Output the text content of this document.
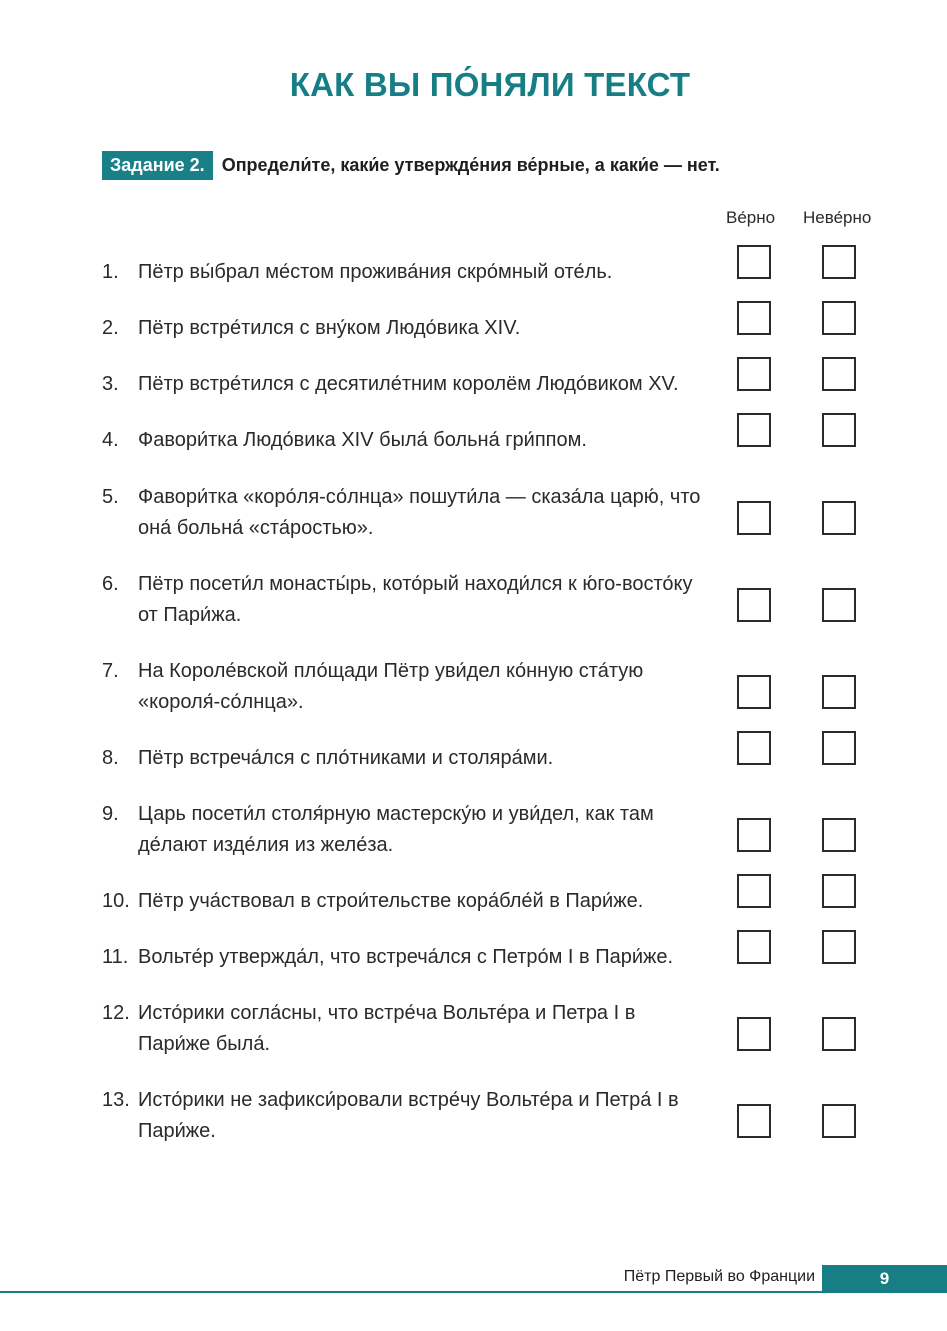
КАК ВЫ ПО́НЯЛИ ТЕКСТ
Задание 2. Определи́те, каки́е утвержде́ния ве́рные, а каки́е — нет.
Ве́рно Неве́рно
1. Пётр вы́брал ме́стом прожива́ния скро́мный оте́ль.
2. Пётр встре́тился с вну́ком Людо́вика XIV.
3. Пётр встре́тился с десятиле́тним королём Людо́виком XV.
4. Фавори́тка Людо́вика XIV была́ больна́ гри́ппом.
5. Фавори́тка «коро́ля-со́лнца» пошути́ла — сказа́ла царю́, что она́ больна́ «ста́ростью».
6. Пётр посети́л монасты́рь, кото́рый находи́лся к ю́го-восто́ку от Пари́жа.
7. На Короле́вской пло́щади Пётр уви́дел ко́нную ста́тую «короля́-со́лнца».
8. Пётр встреча́лся с пло́тниками и столяра́ми.
9. Царь посети́л столя́рную мастерску́ю и уви́дел, как там де́лают изде́лия из желе́за.
10. Пётр уча́ствовал в строи́тельстве кора́бле́й в Пари́же.
11. Вольте́р утвержда́л, что встреча́лся с Петро́м I в Пари́же.
12. Исто́рики согла́сны, что встре́ча Вольте́ра и Петра I в Пари́же была́.
13. Исто́рики не зафикси́ровали встре́чу Вольте́ра и Петра́ I в Пари́же.
Пётр Первый во Франции	9
